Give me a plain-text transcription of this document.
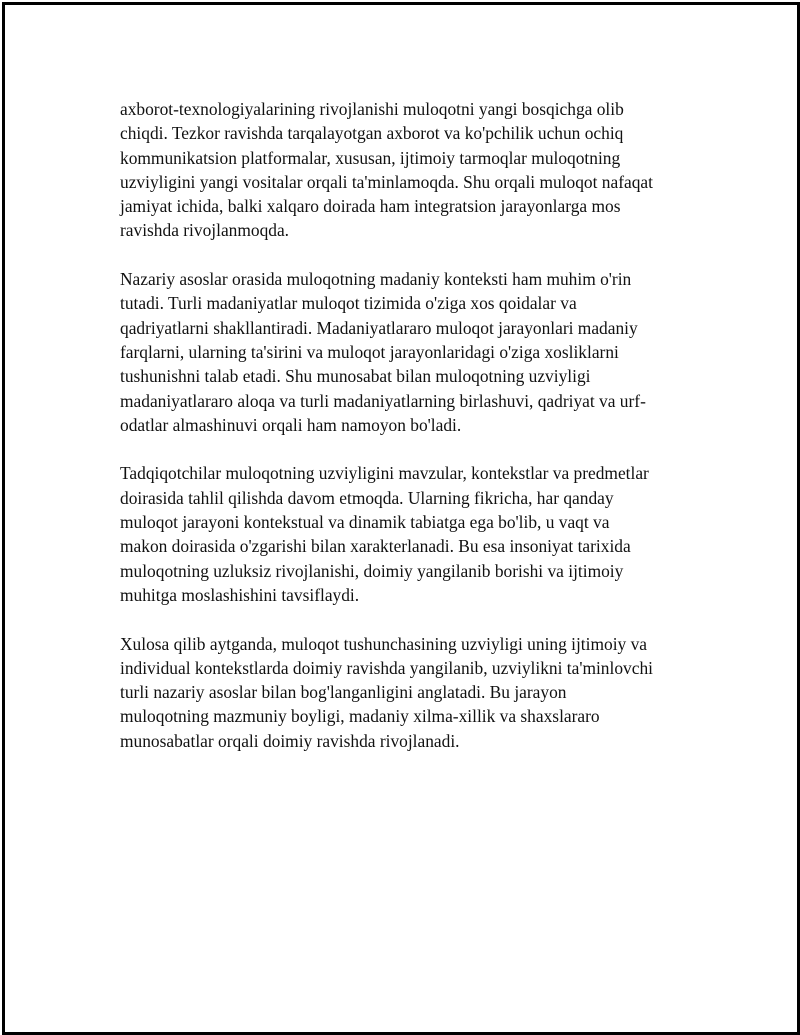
axborot-texnologiyalarining rivojlanishi muloqotni yangi bosqichga olib
chiqdi. Tezkor ravishda tarqalayotgan axborot va ko'pchilik uchun ochiq
kommunikatsion platformalar, xususan, ijtimoiy tarmoqlar muloqotning
uzviyligini yangi vositalar orqali ta'minlamoqda. Shu orqali muloqot nafaqat
jamiyat ichida, balki xalqaro doirada ham integratsion jarayonlarga mos
ravishda rivojlanmoqda.

Nazariy asoslar orasida muloqotning madaniy konteksti ham muhim o'rin
tutadi. Turli madaniyatlar muloqot tizimida o'ziga xos qoidalar va
qadriyatlarni shakllantiradi. Madaniyatlararo muloqot jarayonlari madaniy
farqlarni, ularning ta'sirini va muloqot jarayonlaridagi o'ziga xosliklarni
tushunishni talab etadi. Shu munosabat bilan muloqotning uzviyligi
madaniyatlararo aloqa va turli madaniyatlarning birlashuvi, qadriyat va urf-
odatlar almashinuvi orqali ham namoyon bo'ladi.

Tadqiqotchilar muloqotning uzviyligini mavzular, kontekstlar va predmetlar
doirasida tahlil qilishda davom etmoqda. Ularning fikricha, har qanday
muloqot jarayoni kontekstual va dinamik tabiatga ega bo'lib, u vaqt va
makon doirasida o'zgarishi bilan xarakterlanadi. Bu esa insoniyat tarixida
muloqotning uzluksiz rivojlanishi, doimiy yangilanib borishi va ijtimoiy
muhitga moslashishini tavsiflaydi.

Xulosa qilib aytganda, muloqot tushunchasining uzviyligi uning ijtimoiy va
individual kontekstlarda doimiy ravishda yangilanib, uzviylikni ta'minlovchi
turli nazariy asoslar bilan bog'langanligini anglatadi. Bu jarayon
muloqotning mazmuniy boyligi, madaniy xilma-xillik va shaxslararo
munosabatlar orqali doimiy ravishda rivojlanadi.
